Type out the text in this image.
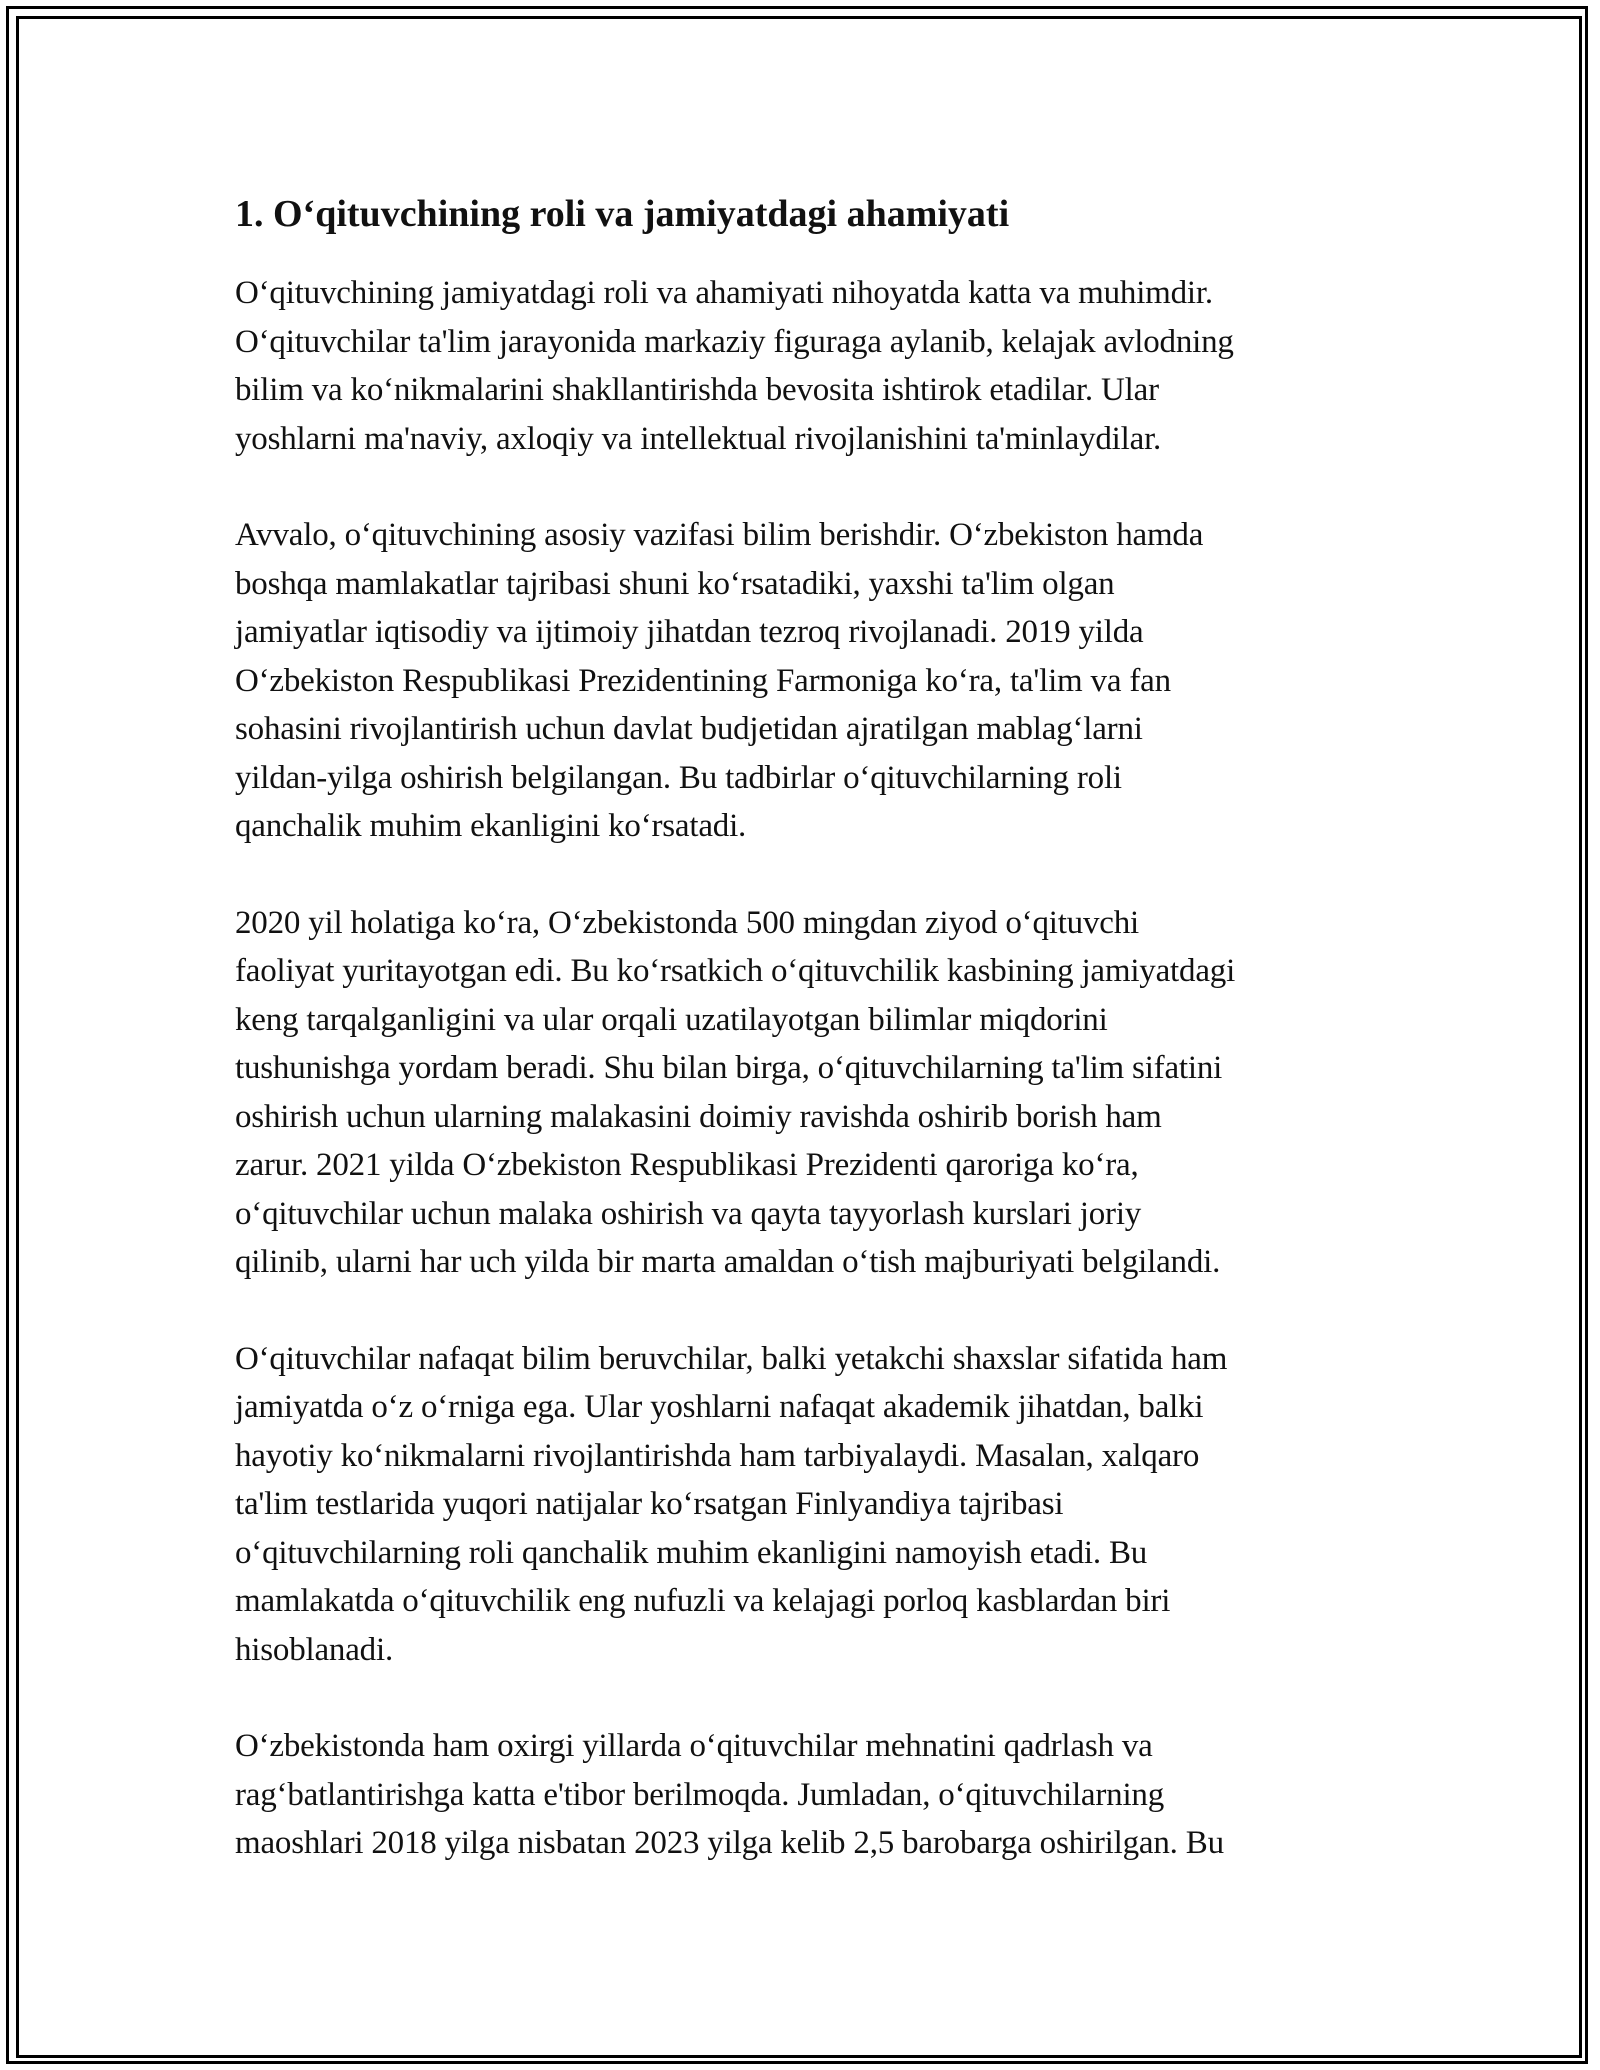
1. Oʻqituvchining roli va jamiyatdagi ahamiyati

Oʻqituvchining jamiyatdagi roli va ahamiyati nihoyatda katta va muhimdir.
Oʻqituvchilar ta'lim jarayonida markaziy figuraga aylanib, kelajak avlodning
bilim va koʻnikmalarini shakllantirishda bevosita ishtirok etadilar. Ular
yoshlarni ma'naviy, axloqiy va intellektual rivojlanishini ta'minlaydilar.

Avvalo, oʻqituvchining asosiy vazifasi bilim berishdir. Oʻzbekiston hamda
boshqa mamlakatlar tajribasi shuni koʻrsatadiki, yaxshi ta'lim olgan
jamiyatlar iqtisodiy va ijtimoiy jihatdan tezroq rivojlanadi. 2019 yilda
Oʻzbekiston Respublikasi Prezidentining Farmoniga koʻra, ta'lim va fan
sohasini rivojlantirish uchun davlat budjetidan ajratilgan mablagʻlarni
yildan-yilga oshirish belgilangan. Bu tadbirlar oʻqituvchilarning roli
qanchalik muhim ekanligini koʻrsatadi.

2020 yil holatiga koʻra, Oʻzbekistonda 500 mingdan ziyod oʻqituvchi
faoliyat yuritayotgan edi. Bu koʻrsatkich oʻqituvchilik kasbining jamiyatdagi
keng tarqalganligini va ular orqali uzatilayotgan bilimlar miqdorini
tushunishga yordam beradi. Shu bilan birga, oʻqituvchilarning ta'lim sifatini
oshirish uchun ularning malakasini doimiy ravishda oshirib borish ham
zarur. 2021 yilda Oʻzbekiston Respublikasi Prezidenti qaroriga koʻra,
oʻqituvchilar uchun malaka oshirish va qayta tayyorlash kurslari joriy
qilinib, ularni har uch yilda bir marta amaldan oʻtish majburiyati belgilandi.

Oʻqituvchilar nafaqat bilim beruvchilar, balki yetakchi shaxslar sifatida ham
jamiyatda oʻz oʻrniga ega. Ular yoshlarni nafaqat akademik jihatdan, balki
hayotiy koʻnikmalarni rivojlantirishda ham tarbiyalaydi. Masalan, xalqaro
ta'lim testlarida yuqori natijalar koʻrsatgan Finlyandiya tajribasi
oʻqituvchilarning roli qanchalik muhim ekanligini namoyish etadi. Bu
mamlakatda oʻqituvchilik eng nufuzli va kelajagi porloq kasblardan biri
hisoblanadi.

Oʻzbekistonda ham oxirgi yillarda oʻqituvchilar mehnatini qadrlash va
ragʻbatlantirishga katta e'tibor berilmoqda. Jumladan, oʻqituvchilarning
maoshlari 2018 yilga nisbatan 2023 yilga kelib 2,5 barobarga oshirilgan. Bu
